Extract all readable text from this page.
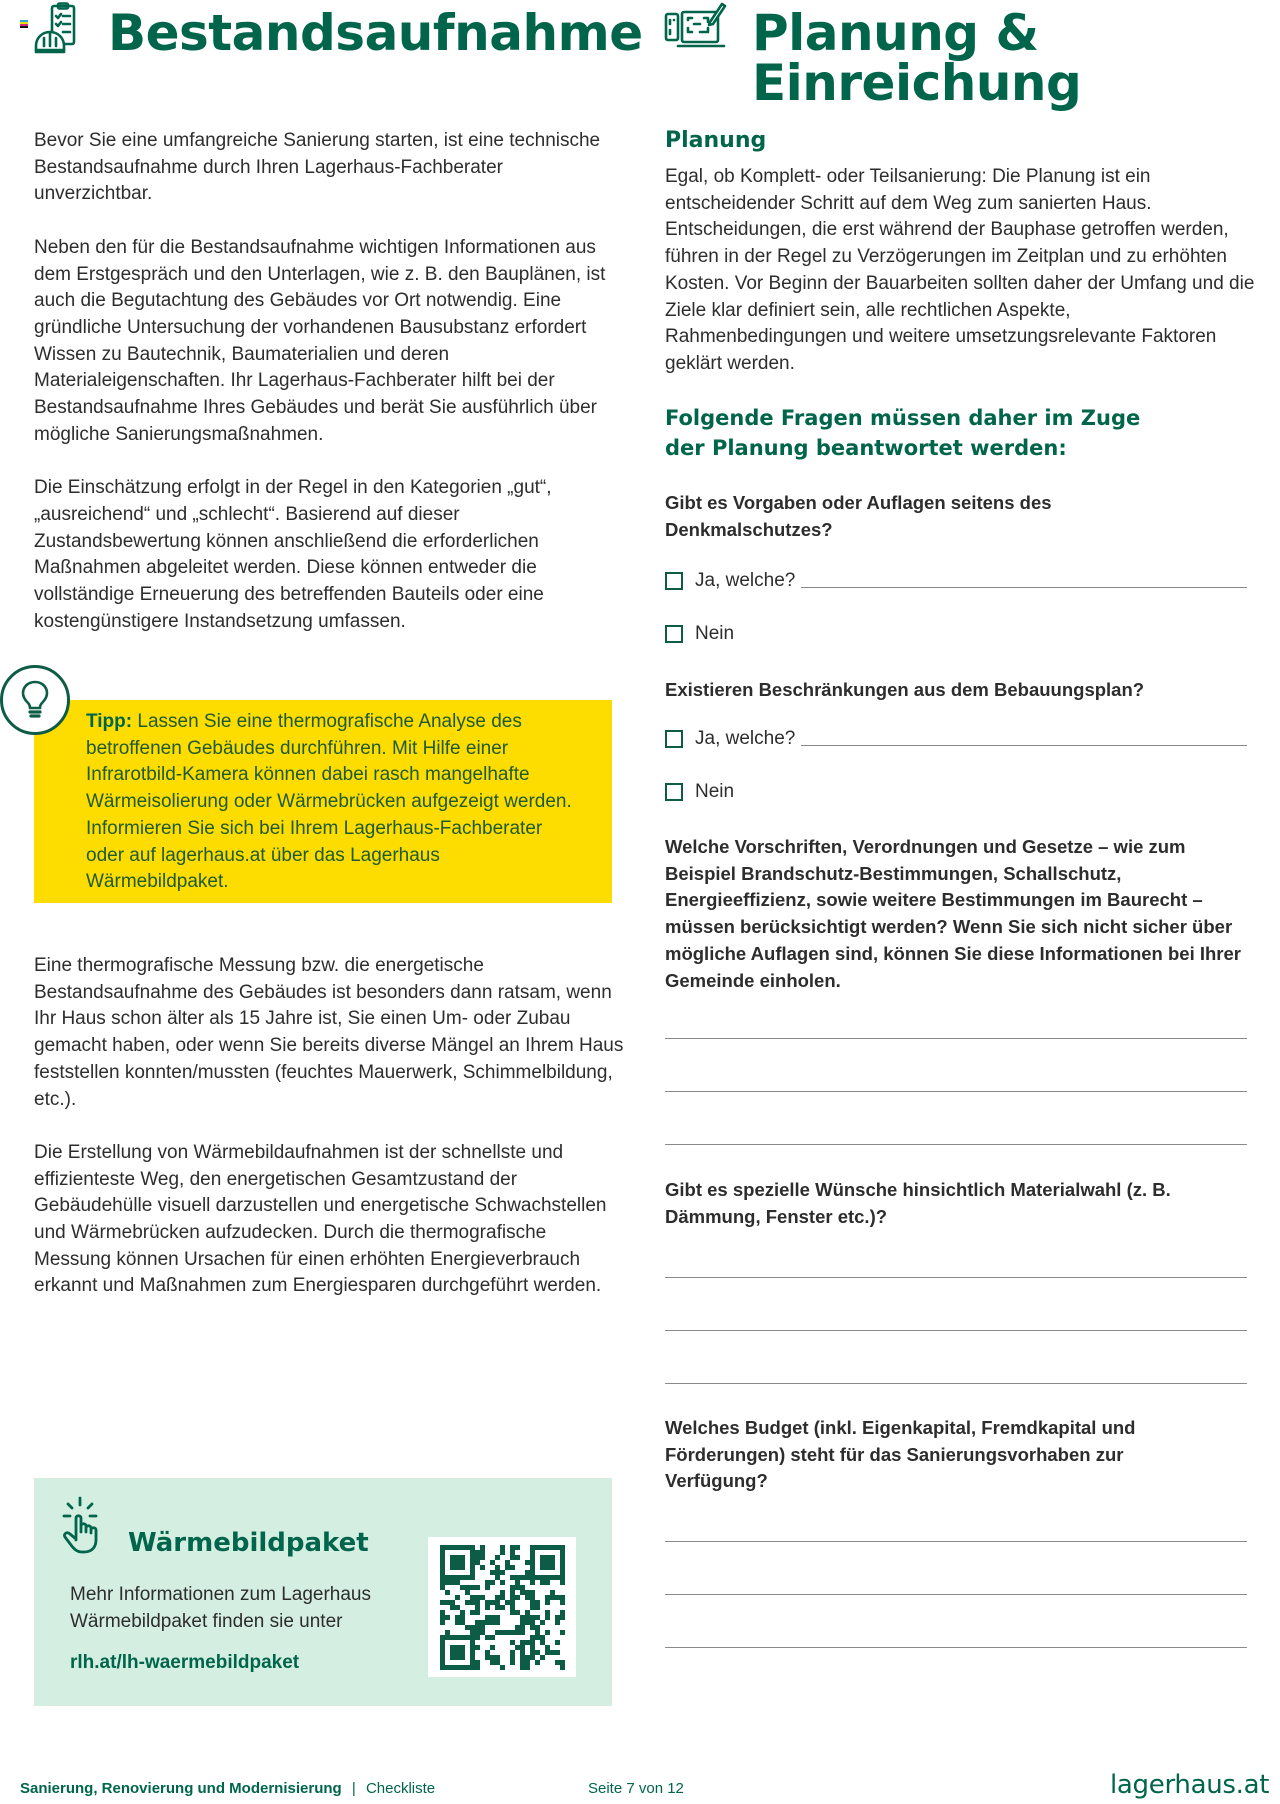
Bestandsaufnahme Planung & Einreichung

Bevor Sie eine umfangreiche Sanierung starten, ist eine technische Bestandsaufnahme durch Ihren Lagerhaus-Fachberater unverzichtbar.

Neben den für die Bestandsaufnahme wichtigen Informationen aus dem Erstgespräch und den Unterlagen, wie z. B. den Bauplänen, ist auch die Begutachtung des Gebäudes vor Ort notwendig. Eine gründliche Untersuchung der vorhandenen Bausubstanz erfordert Wissen zu Bautechnik, Baumaterialien und deren Materialeigenschaften. Ihr Lagerhaus-Fachberater hilft bei der Bestandsaufnahme Ihres Gebäudes und berät Sie ausführlich über mögliche Sanierungsmaßnahmen.

Die Einschätzung erfolgt in der Regel in den Kategorien „gut“, „ausreichend“ und „schlecht“. Basierend auf dieser Zustandsbewertung können anschließend die erforderlichen Maßnahmen abgeleitet werden. Diese können entweder die vollständige Erneuerung des betreffenden Bauteils oder eine kostengünstigere Instandsetzung umfassen.

Tipp: Lassen Sie eine thermografische Analyse des betroffenen Gebäudes durchführen. Mit Hilfe einer Infrarotbild-Kamera können dabei rasch mangelhafte Wärmeisolierung oder Wärmebrücken aufgezeigt werden. Informieren Sie sich bei Ihrem Lagerhaus-Fachberater oder auf lagerhaus.at über das Lagerhaus Wärmebildpaket.

Eine thermografische Messung bzw. die energetische Bestandsaufnahme des Gebäudes ist besonders dann ratsam, wenn Ihr Haus schon älter als 15 Jahre ist, Sie einen Um- oder Zubau gemacht haben, oder wenn Sie bereits diverse Mängel an Ihrem Haus feststellen konnten/mussten (feuchtes Mauerwerk, Schimmelbildung, etc.).

Die Erstellung von Wärmebildaufnahmen ist der schnellste und effizienteste Weg, den energetischen Gesamtzustand der Gebäudehülle visuell darzustellen und energetische Schwachstellen und Wärmebrücken aufzudecken. Durch die thermografische Messung können Ursachen für einen erhöhten Energieverbrauch erkannt und Maßnahmen zum Energiesparen durchgeführt werden.

Wärmebildpaket
Mehr Informationen zum Lagerhaus
Wärmebildpaket finden sie unter
rlh.at/lh-waermebildpaket
Planung
Egal, ob Komplett- oder Teilsanierung: Die Planung ist ein entscheidender Schritt auf dem Weg zum sanierten Haus. Entscheidungen, die erst während der Bauphase getroffen werden, führen in der Regel zu Verzögerungen im Zeitplan und zu erhöhten Kosten. Vor Beginn der Bauarbeiten sollten daher der Umfang und die Ziele klar definiert sein, alle rechtlichen Aspekte, Rahmenbedingungen und weitere umsetzungsrelevante Faktoren geklärt werden.
Folgende Fragen müssen daher im Zuge
der Planung beantwortet werden:
Gibt es Vorgaben oder Auflagen seitens des Denkmalschutzes?
Ja, welche?
Nein
Existieren Beschränkungen aus dem Bebauungsplan?
Ja, welche?
Nein
Welche Vorschriften, Verordnungen und Gesetze – wie zum Beispiel Brandschutz-Bestimmungen, Schallschutz, Energieeffizienz, sowie weitere Bestimmungen im Baurecht – müssen berücksichtigt werden? Wenn Sie sich nicht sicher über mögliche Auflagen sind, können Sie diese Informationen bei Ihrer Gemeinde einholen.
Gibt es spezielle Wünsche hinsichtlich Materialwahl (z. B. Dämmung, Fenster etc.)?
Welches Budget (inkl. Eigenkapital, Fremdkapital und Förderungen) steht für das Sanierungsvorhaben zur Verfügung?
Sanierung, Renovierung und Modernisierung | Checkliste	Seite 7 von 12	lagerhaus.at
